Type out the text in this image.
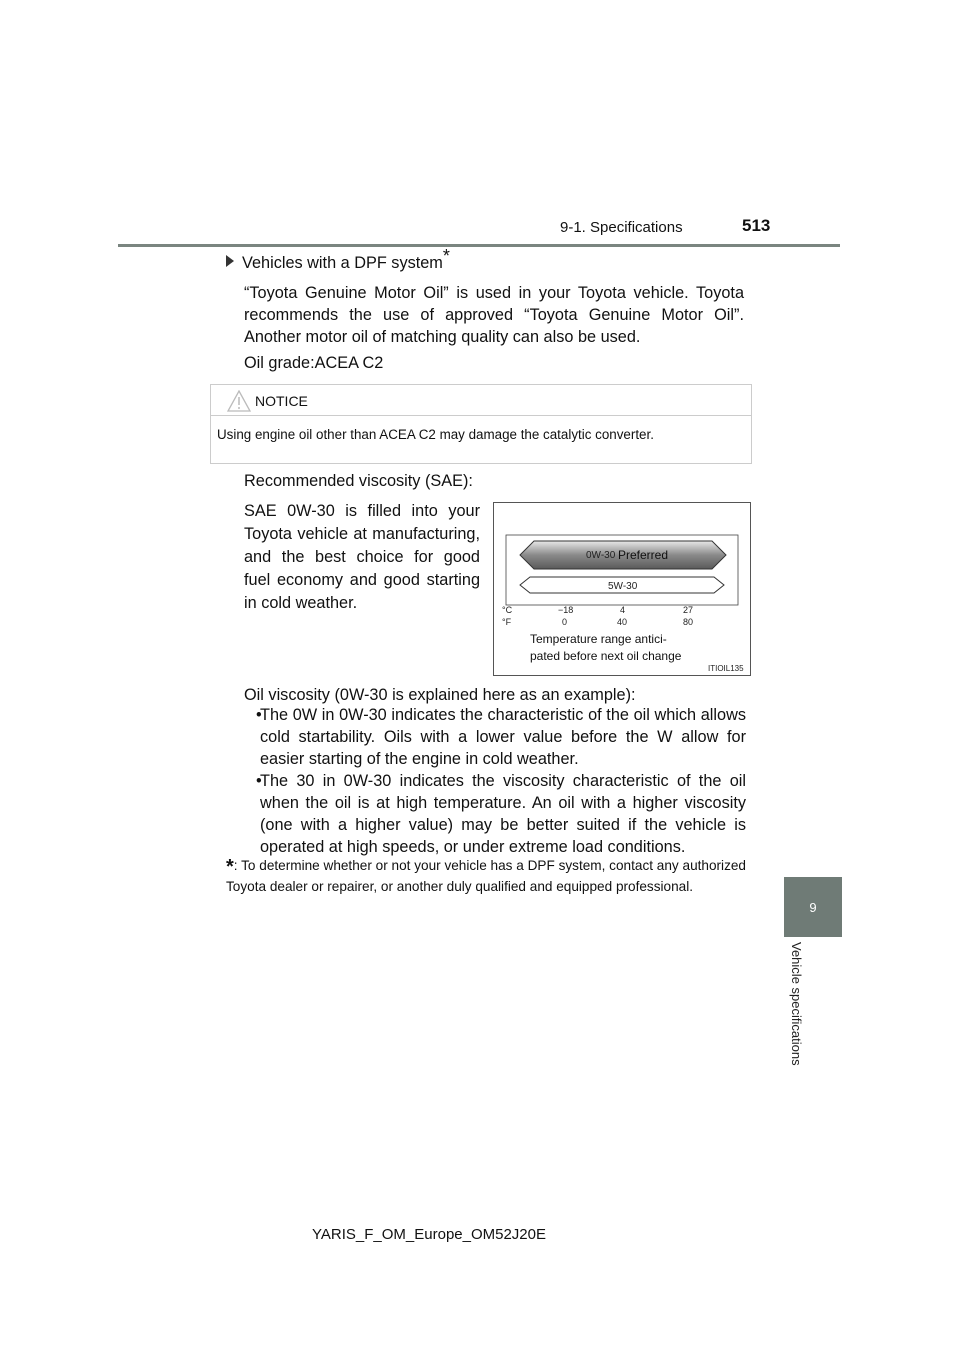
9-1. Specifications	513
9
Vehicle specifications
Vehicles with a DPF system*
“Toyota Genuine Motor Oil” is used in your Toyota vehicle. Toyota recommends the use of approved “Toyota Genuine Motor Oil”. Another motor oil of matching quality can also be used.
Oil grade:ACEA C2
NOTICE
Using engine oil other than ACEA C2 may damage the catalytic converter.
Recommended viscosity (SAE):
SAE 0W-30 is filled into your Toyota vehicle at manufacturing, and the best choice for good fuel economy and good starting in cold weather.
0W-30 Preferred
5W-30
°C
°F
−18	4	27
0	40	80
Temperature range antici-
pated before next oil change
ITIOIL135
Oil viscosity (0W-30 is explained here as an example):
•
The 0W in 0W-30 indicates the characteristic of the oil which allows cold startability. Oils with a lower value before the W allow for easier starting of the engine in cold weather.
•
The 30 in 0W-30 indicates the viscosity characteristic of the oil when the oil is at high temperature. An oil with a higher viscosity (one with a higher value) may be better suited if the vehicle is operated at high speeds, or under extreme load conditions.
*: To determine whether or not your vehicle has a DPF system, contact any authorized Toyota dealer or repairer, or another duly qualified and equipped professional.
YARIS_F_OM_Europe_OM52J20E
